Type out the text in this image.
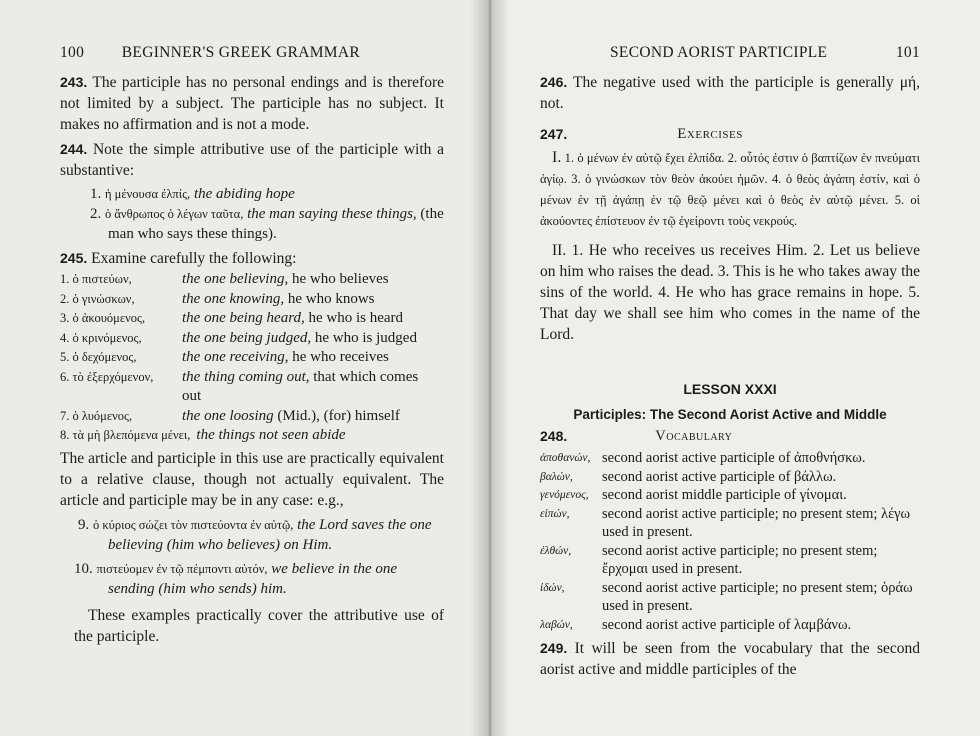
100 BEGINNER'S GREEK GRAMMAR

243. The participle has no personal endings and is therefore not limited by a subject. The participle has no subject. It makes no affirmation and is not a mode.

244. Note the simple attributive use of the participle with a substantive:

1. ἡ μένουσα ἐλπίς, the abiding hope

2. ὁ ἄνθρωπος ὁ λέγων ταῦτα, the man saying these things, (the man who says these things).

245. Examine carefully the following:

1. ὁ πιστεύων,	the one believing, he who believes
2. ὁ γινώσκων,	the one knowing, he who knows
3. ὁ ἀκουόμενος,	the one being heard, he who is heard
4. ὁ κρινόμενος,	the one being judged, he who is judged
5. ὁ δεχόμενος,	the one receiving, he who receives
6. τὸ ἐξερχόμενον,	the thing coming out, that which comes out
7. ὁ λυόμενος,	the one loosing (Mid.), (for) himself
8. τὰ μὴ βλεπόμενα μένει, the things not seen abide

The article and participle in this use are practically equivalent to a relative clause, though not actually equivalent. The article and participle may be in any case: e.g.,

9. ὁ κύριος σώζει τὸν πιστεύοντα ἐν αὐτῷ, the Lord saves the one believing (him who believes) on Him.

10. πιστεύομεν ἐν τῷ πέμποντι αὐτόν, we believe in the one sending (him who sends) him.

These examples practically cover the attributive use of the participle.

SECOND AORIST PARTICIPLE	101

246. The negative used with the participle is generally μή, not.

247.	Exercises

I. 1. ὁ μένων ἐν αὐτῷ ἔχει ἐλπίδα. 2. οὗτός ἐστιν ὁ βαπτίζων ἐν πνεύματι ἁγίῳ. 3. ὁ γινώσκων τὸν θεὸν ἀκούει ἡμῶν. 4. ὁ θεὸς ἀγάπη ἐστίν, καὶ ὁ μένων ἐν τῇ ἀγάπῃ ἐν τῷ θεῷ μένει καὶ ὁ θεὸς ἐν αὐτῷ μένει. 5. οἱ ἀκούοντες ἐπίστευον ἐν τῷ ἐγείροντι τοὺς νεκρούς.

II. 1. He who receives us receives Him. 2. Let us believe on him who raises the dead. 3. This is he who takes away the sins of the world. 4. He who has grace remains in hope. 5. That day we shall see him who comes in the name of the Lord.

LESSON XXXI
Participles: The Second Aorist Active and Middle
248.	Vocabulary
ἀποθανών, second aorist active participle of ἀποθνήσκω.
βαλών,	second aorist active participle of βάλλω.
γενόμενος, second aorist middle participle of γίνομαι.
εἰπών,	second aorist active participle; no present stem; λέγω used in present.
ἐλθών,	second aorist active participle; no present stem; ἔρχομαι used in present.
ἰδών,	second aorist active participle; no present stem; ὁράω used in present.
λαβών,	second aorist active participle of λαμβάνω.

249. It will be seen from the vocabulary that the second aorist active and middle participles of the
